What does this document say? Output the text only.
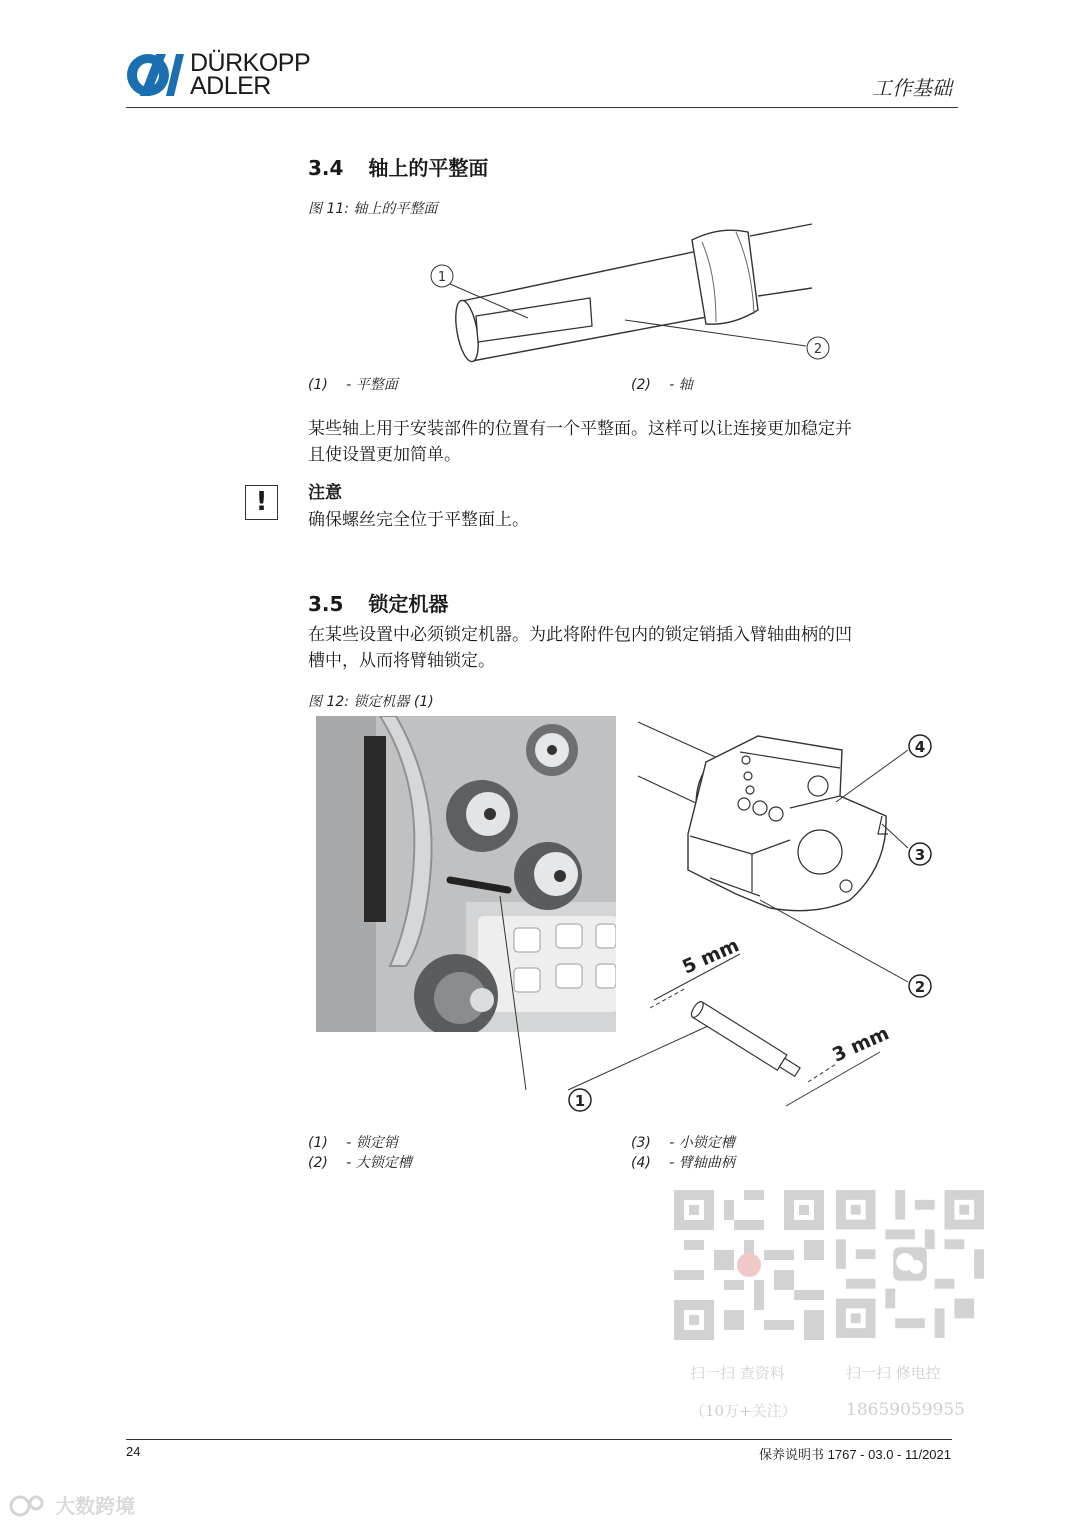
DÜRKOPP
ADLER	工作基础
3.4 轴上的平整面
图 11: 轴上的平整面
1
2
(1) - 平整面	(2) - 轴
某些轴上用于安装部件的位置有一个平整面。这样可以让连接更加稳定并
且使设置更加简单。
!	注意
确保螺丝完全位于平整面上。
3.5 锁定机器
在某些设置中必须锁定机器。为此将附件包内的锁定销插入臂轴曲柄的凹
槽中，从而将臂轴锁定。
图 12: 锁定机器 (1)
5 mm
3 mm
1
2
3
4
(1) - 锁定销
(2) - 大锁定槽
(3) - 小锁定槽
(4) - 臂轴曲柄
扫一扫 查资料
（10万+关注）
扫一扫 修电控
18659059955
24	保养说明书 1767 - 03.0 - 11/2021
大数跨境
